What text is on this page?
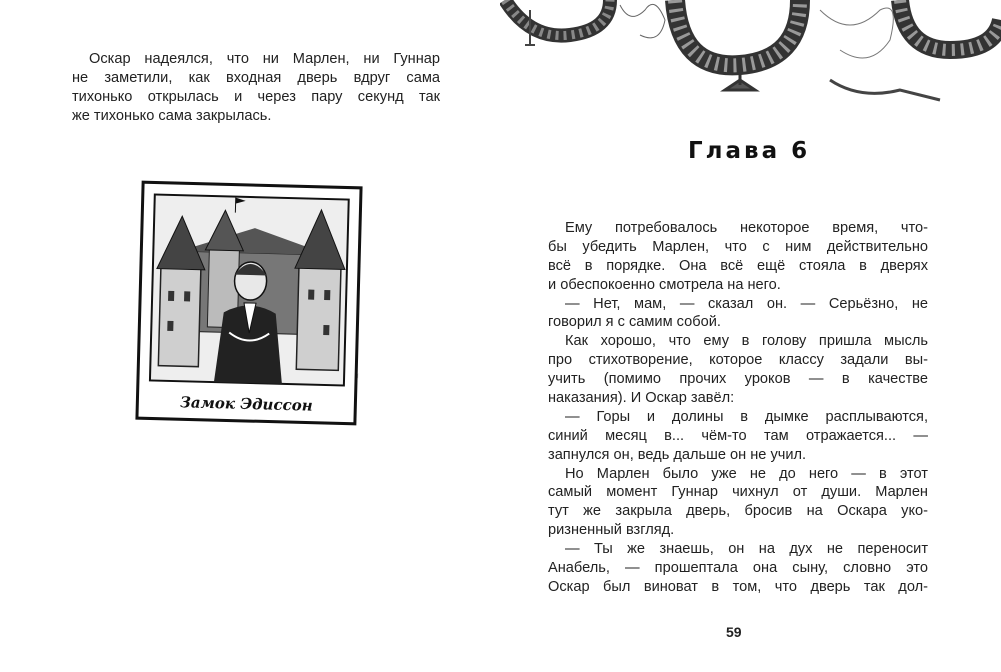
Оскар надеялся, что ни Марлен, ни Гуннар
не заметили, как входная дверь вдруг сама
тихонько открылась и через пару секунд так
же тихонько сама закрылась.
Замок Эдиссон
Глава 6
Ему потребовалось некоторое время, что-
бы убедить Марлен, что с ним действительно
всё в порядке. Она всё ещё стояла в дверях
и обеспокоенно смотрела на него.
— Нет, мам, — сказал он. — Серьёзно, не
говорил я с самим собой.
Как хорошо, что ему в голову пришла мысль
про стихотворение, которое классу задали вы-
учить (помимо прочих уроков — в качестве
наказания). И Оскар завёл:
— Горы и долины в дымке расплываются,
синий месяц в... чём-то там отражается... —
запнулся он, ведь дальше он не учил.
Но Марлен было уже не до него — в этот
самый момент Гуннар чихнул от души. Марлен
тут же закрыла дверь, бросив на Оскара уко-
ризненный взгляд.
— Ты же знаешь, он на дух не переносит
Анабель, — прошептала она сыну, словно это
Оскар был виноват в том, что дверь так дол-
59
